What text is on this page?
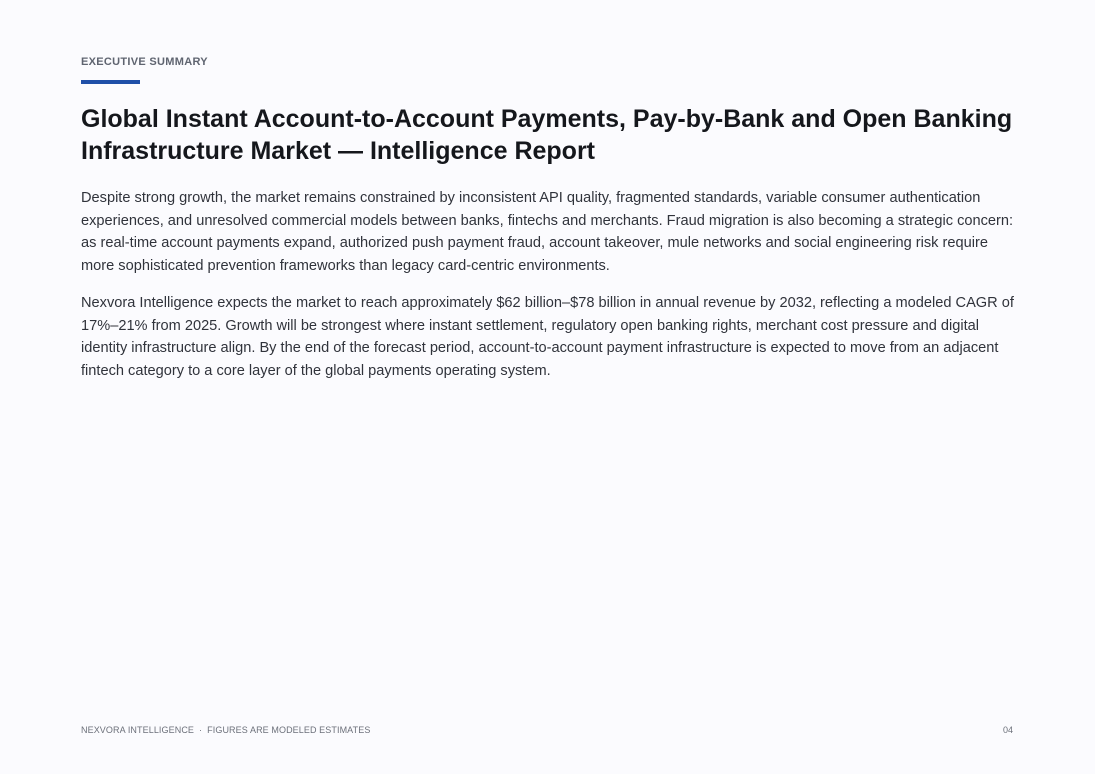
EXECUTIVE SUMMARY
Global Instant Account-to-Account Payments, Pay-by-Bank and Open Banking Infrastructure Market — Intelligence Report

Despite strong growth, the market remains constrained by inconsistent API quality, fragmented standards, variable consumer authentication experiences, and unresolved commercial models between banks, fintechs and merchants. Fraud migration is also becoming a strategic concern: as real-time account payments expand, authorized push payment fraud, account takeover, mule networks and social engineering risk require more sophisticated prevention frameworks than legacy card-centric environments.

Nexvora Intelligence expects the market to reach approximately $62 billion–$78 billion in annual revenue by 2032, reflecting a modeled CAGR of 17%–21% from 2025. Growth will be strongest where instant settlement, regulatory open banking rights, merchant cost pressure and digital identity infrastructure align. By the end of the forecast period, account-to-account payment infrastructure is expected to move from an adjacent fintech category to a core layer of the global payments operating system.

NEXVORA INTELLIGENCE · FIGURES ARE MODELED ESTIMATES	04
